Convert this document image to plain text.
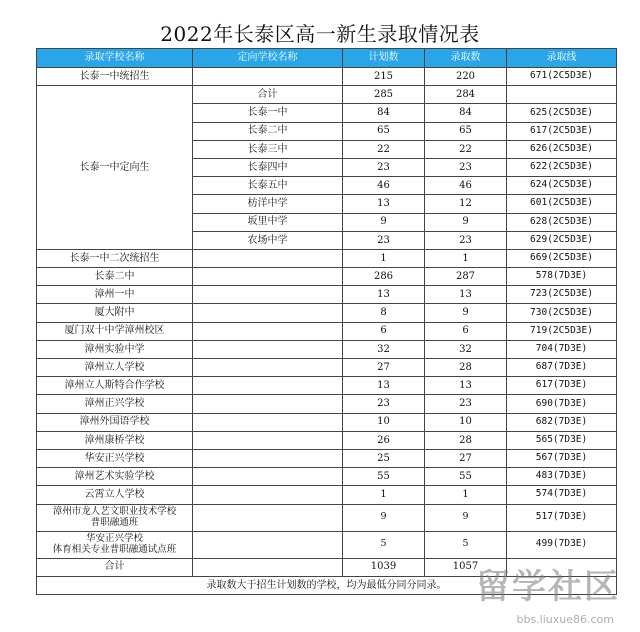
2022年长泰区高一新生录取情况表
录取学校名称	定向学校名称	计划数	录取数	录取线
长泰一中统招生		215	220	671(2C5D3E)
长泰一中定向生	合计	285	284	
	长泰一中	84	84	625(2C5D3E)
	长泰二中	65	65	617(2C5D3E)
	长泰三中	22	22	626(2C5D3E)
	长泰四中	23	23	622(2C5D3E)
	长泰五中	46	46	624(2C5D3E)
	枋洋中学	13	12	601(2C5D3E)
	坂里中学	9	9	628(2C5D3E)
	农场中学	23	23	629(2C5D3E)
长泰一中二次统招生		1	1	669(2C5D3E)
长泰二中		286	287	578(7D3E)
漳州一中		13	13	723(2C5D3E)
厦大附中		8	9	730(2C5D3E)
厦门双十中学漳州校区		6	6	719(2C5D3E)
漳州实验中学		32	32	704(7D3E)
漳州立人学校		27	28	687(7D3E)
漳州立人斯特合作学校		13	13	617(7D3E)
漳州正兴学校		23	23	690(7D3E)
漳州外国语学校		10	10	682(7D3E)
漳州康桥学校		26	28	565(7D3E)
华安正兴学校		25	27	567(7D3E)
漳州艺术实验学校		55	55	483(7D3E)
云霄立人学校		1	1	574(7D3E)

漳州市龙人艺文职业技术学校
普职融通班		9	9	517(7D3E)

华安正兴学校
体育相关专业普职融通试点班		5	5	499(7D3E)
合计		1039	1057	
录取数大于招生计划数的学校，均为最低分同分同录。				留学社区
bbs.liuxue86.com
